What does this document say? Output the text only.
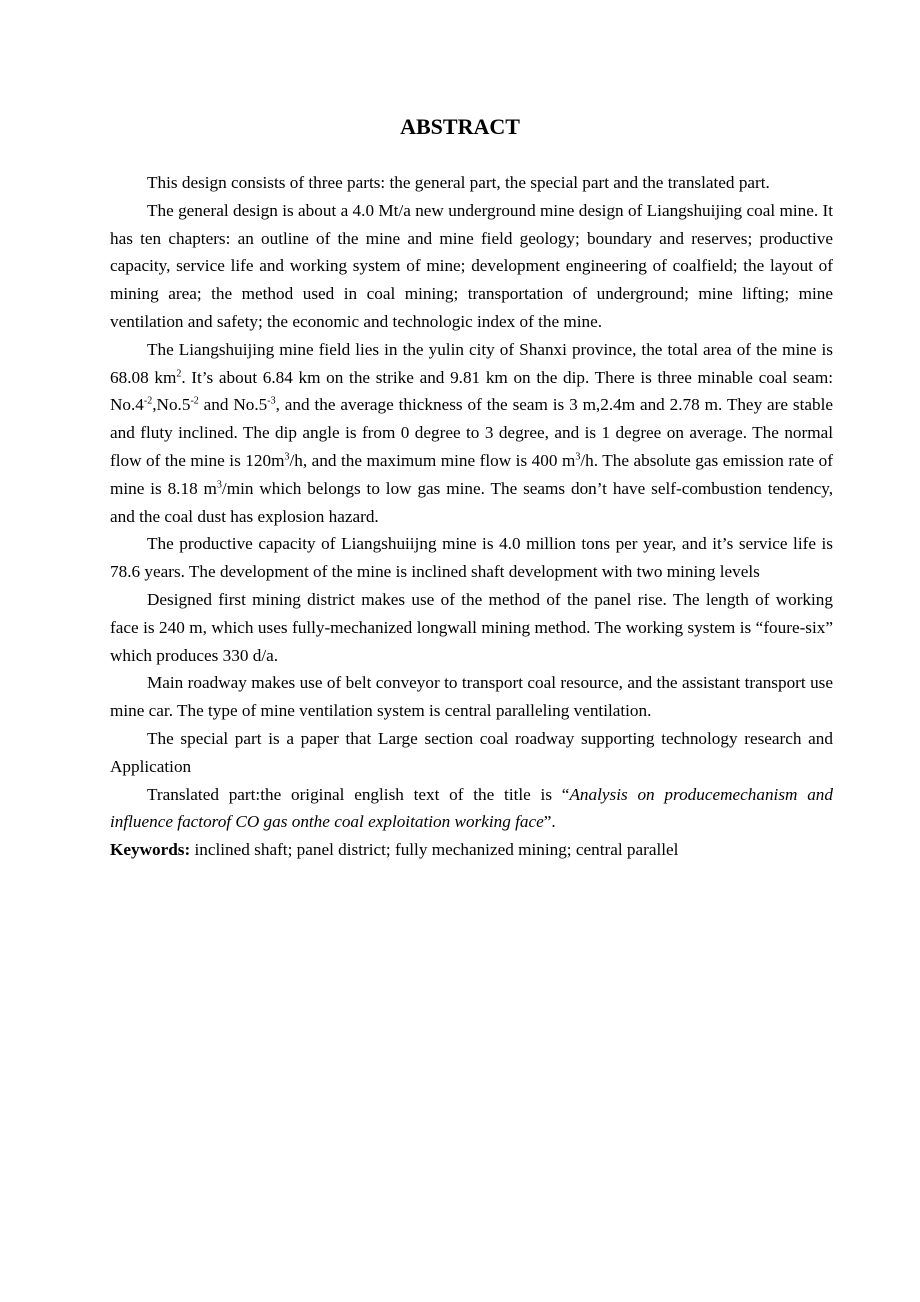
ABSTRACT

This design consists of three parts: the general part, the special part and the translated part.

The general design is about a 4.0 Mt/a new underground mine design of Liangshuijing coal mine. It has ten chapters: an outline of the mine and mine field geology; boundary and reserves; productive capacity, service life and working system of mine; development engineering of coalfield; the layout of mining area; the method used in coal mining; transportation of underground; mine lifting; mine ventilation and safety; the economic and technologic index of the mine.

The Liangshuijing mine field lies in the yulin city of Shanxi province, the total area of the mine is 68.08 $km^2$. It’s about 6.84 km on the strike and 9.81 km on the dip. There is three minable coal seam: $No.4^{-2},No.5^{-2}$ and $No.5^{-3}$, and the average thickness of the seam is 3 m,2.4m and 2.78 m. They are stable and fluty inclined. The dip angle is from 0 degree to 3 degree, and is 1 degree on average. The normal flow of the mine is $120m^3/h$, and the maximum mine flow is 400 $m^3/h$. The absolute gas emission rate of mine is 8.18 $m^3/\min$ which belongs to low gas mine. The seams don’t have self-combustion tendency, and the coal dust has explosion hazard.

The productive capacity of Liangshuiijng mine is 4.0 million tons per year, and it’s service life is 78.6 years. The development of the mine is inclined shaft development with two mining levels

Designed first mining district makes use of the method of the panel rise. The length of working face is 240 m, which uses fully-mechanized longwall mining method. The working system is “foure-six” which produces 330 d/a.

Main roadway makes use of belt conveyor to transport coal resource, and the assistant transport use mine car. The type of mine ventilation system is central paralleling ventilation.

The special part is a paper that Large section coal roadway supporting technology research and Application

Translated part:the original english text of the title is “Analysis on producemechanism and influence factorof CO gas onthe coal exploitation working face”.

Keywords: inclined shaft; panel district; fully mechanized mining; central parallel
